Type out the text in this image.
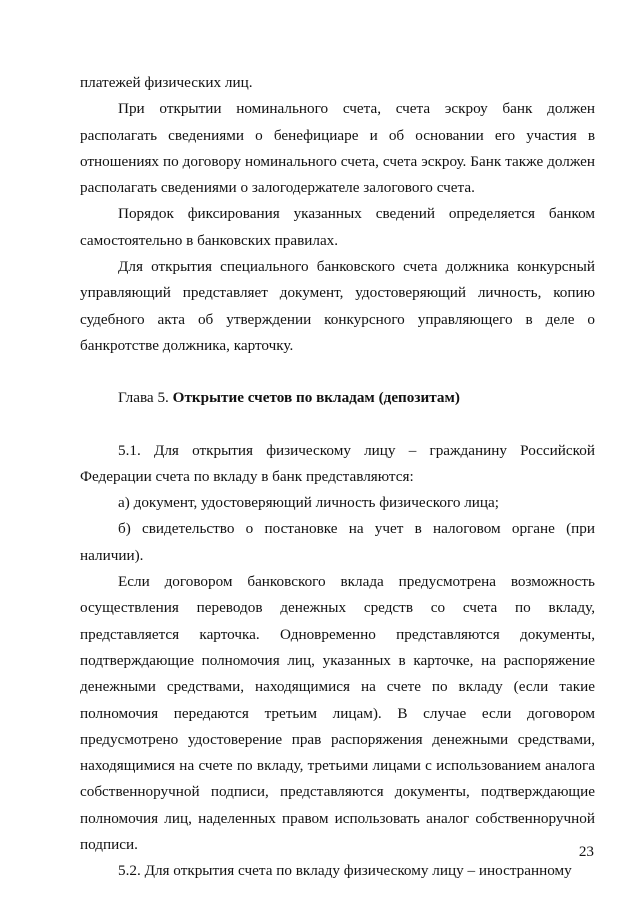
платежей физических лиц.

При открытии номинального счета, счета эскроу банк должен располагать сведениями о бенефициаре и об основании его участия в отношениях по договору номинального счета, счета эскроу. Банк также должен располагать сведениями о залогодержателе залогового счета.

Порядок фиксирования указанных сведений определяется банком самостоятельно в банковских правилах.

Для открытия специального банковского счета должника конкурсный управляющий представляет документ, удостоверяющий личность, копию судебного акта об утверждении конкурсного управляющего в деле о банкротстве должника, карточку.

Глава 5. Открытие счетов по вкладам (депозитам)

5.1. Для открытия физическому лицу – гражданину Российской Федерации счета по вкладу в банк представляются:

а) документ, удостоверяющий личность физического лица;

б) свидетельство о постановке на учет в налоговом органе (при наличии).

Если договором банковского вклада предусмотрена возможность осуществления переводов денежных средств со счета по вкладу, представляется карточка. Одновременно представляются документы, подтверждающие полномочия лиц, указанных в карточке, на распоряжение денежными средствами, находящимися на счете по вкладу (если такие полномочия передаются третьим лицам). В случае если договором предусмотрено удостоверение прав распоряжения денежными средствами, находящимися на счете по вкладу, третьими лицами с использованием аналога собственноручной подписи, представляются документы, подтверждающие полномочия лиц, наделенных правом использовать аналог собственноручной подписи.

5.2. Для открытия счета по вкладу физическому лицу – иностранному

23
